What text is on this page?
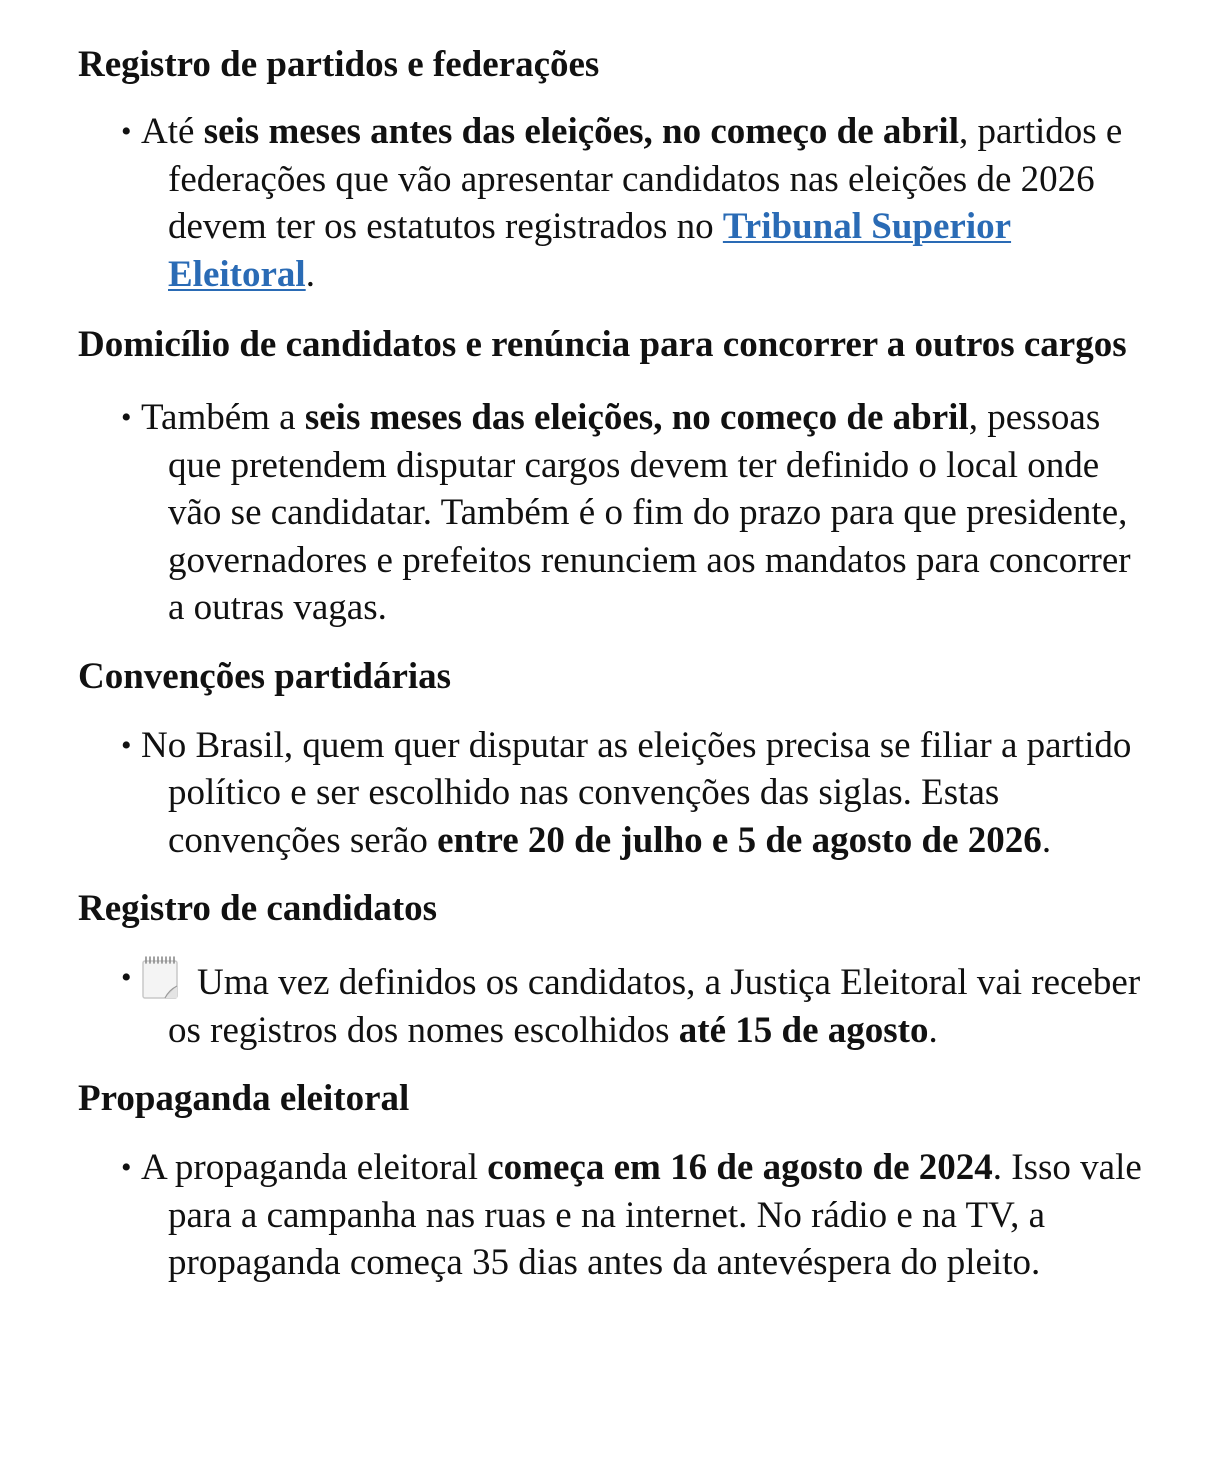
Registro de partidos e federações
• Até seis meses antes das eleições, no começo de abril, partidos e federações que vão apresentar candidatos nas eleições de 2026 devem ter os estatutos registrados no Tribunal Superior Eleitoral.
Domicílio de candidatos e renúncia para concorrer a outros cargos
• Também a seis meses das eleições, no começo de abril, pessoas que pretendem disputar cargos devem ter definido o local onde vão se candidatar. Também é o fim do prazo para que presidente, governadores e prefeitos renunciem aos mandatos para concorrer a outras vagas.
Convenções partidárias
• No Brasil, quem quer disputar as eleições precisa se filiar a partido político e ser escolhido nas convenções das siglas. Estas convenções serão entre 20 de julho e 5 de agosto de 2026.
Registro de candidatos
• Uma vez definidos os candidatos, a Justiça Eleitoral vai receber os registros dos nomes escolhidos até 15 de agosto.
Propaganda eleitoral
• A propaganda eleitoral começa em 16 de agosto de 2024. Isso vale para a campanha nas ruas e na internet. No rádio e na TV, a propaganda começa 35 dias antes da antevéspera do pleito.
